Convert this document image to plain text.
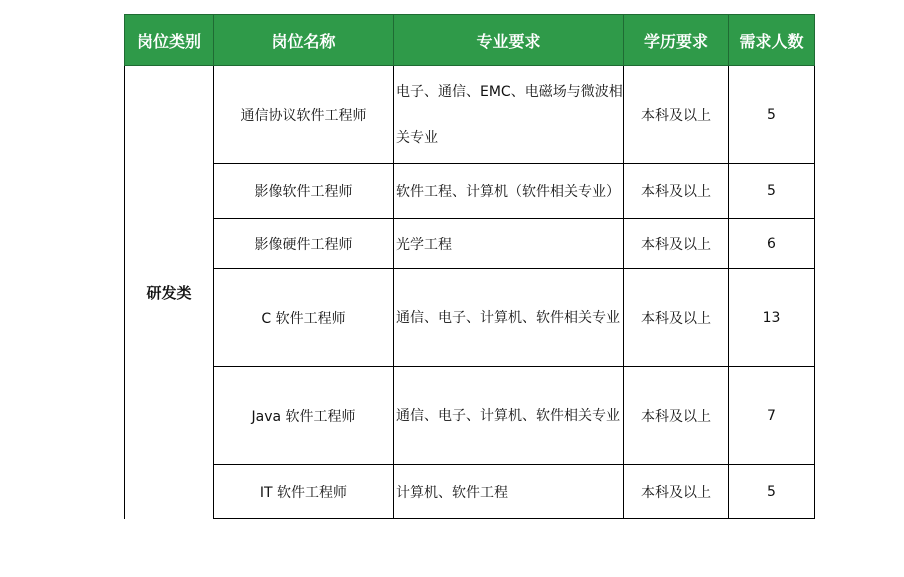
岗位类别	岗位名称	专业要求	学历要求	需求人数
研发类	通信协议软件工程师	电子、通信、EMC、电磁场与微波相关专业	本科及以上	5
	影像软件工程师	软件工程、计算机（软件相关专业）	本科及以上	5
	影像硬件工程师	光学工程	本科及以上	6
	C 软件工程师	通信、电子、计算机、软件相关专业	本科及以上	13
	Java 软件工程师	通信、电子、计算机、软件相关专业	本科及以上	7
	IT 软件工程师	计算机、软件工程	本科及以上	5
